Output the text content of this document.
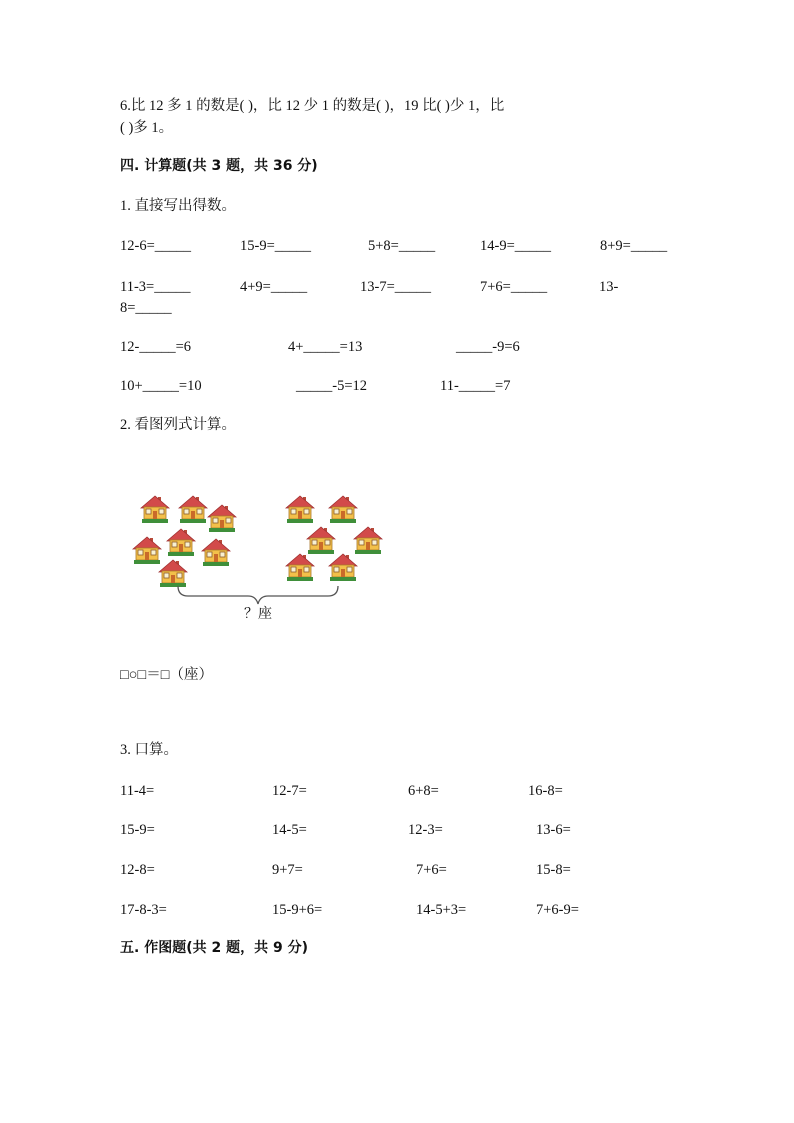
6.比 12 多 1 的数是( )，比 12 少 1 的数是( )，19 比( )少 1，比
( )多 1。
四. 计算题(共 3 题，共 36 分)
1. 直接写出得数。
12-6=_____	15-9=_____	5+8=_____	14-9=_____	8+9=_____
11-3=_____	4+9=_____	13-7=_____	7+6=_____	13-
8=_____
12-_____=6	4+_____=13	_____-9=6
10+_____=10	_____-5=12	11-_____=7
2. 看图列式计算。
？座
□○□＝□（座）
3. 口算。
11-4=	12-7=	6+8=	16-8=
15-9=	14-5=	12-3=	13-6=
12-8=	9+7=	7+6=	15-8=
17-8-3=	15-9+6=	14-5+3=	7+6-9=
五. 作图题(共 2 题，共 9 分)
